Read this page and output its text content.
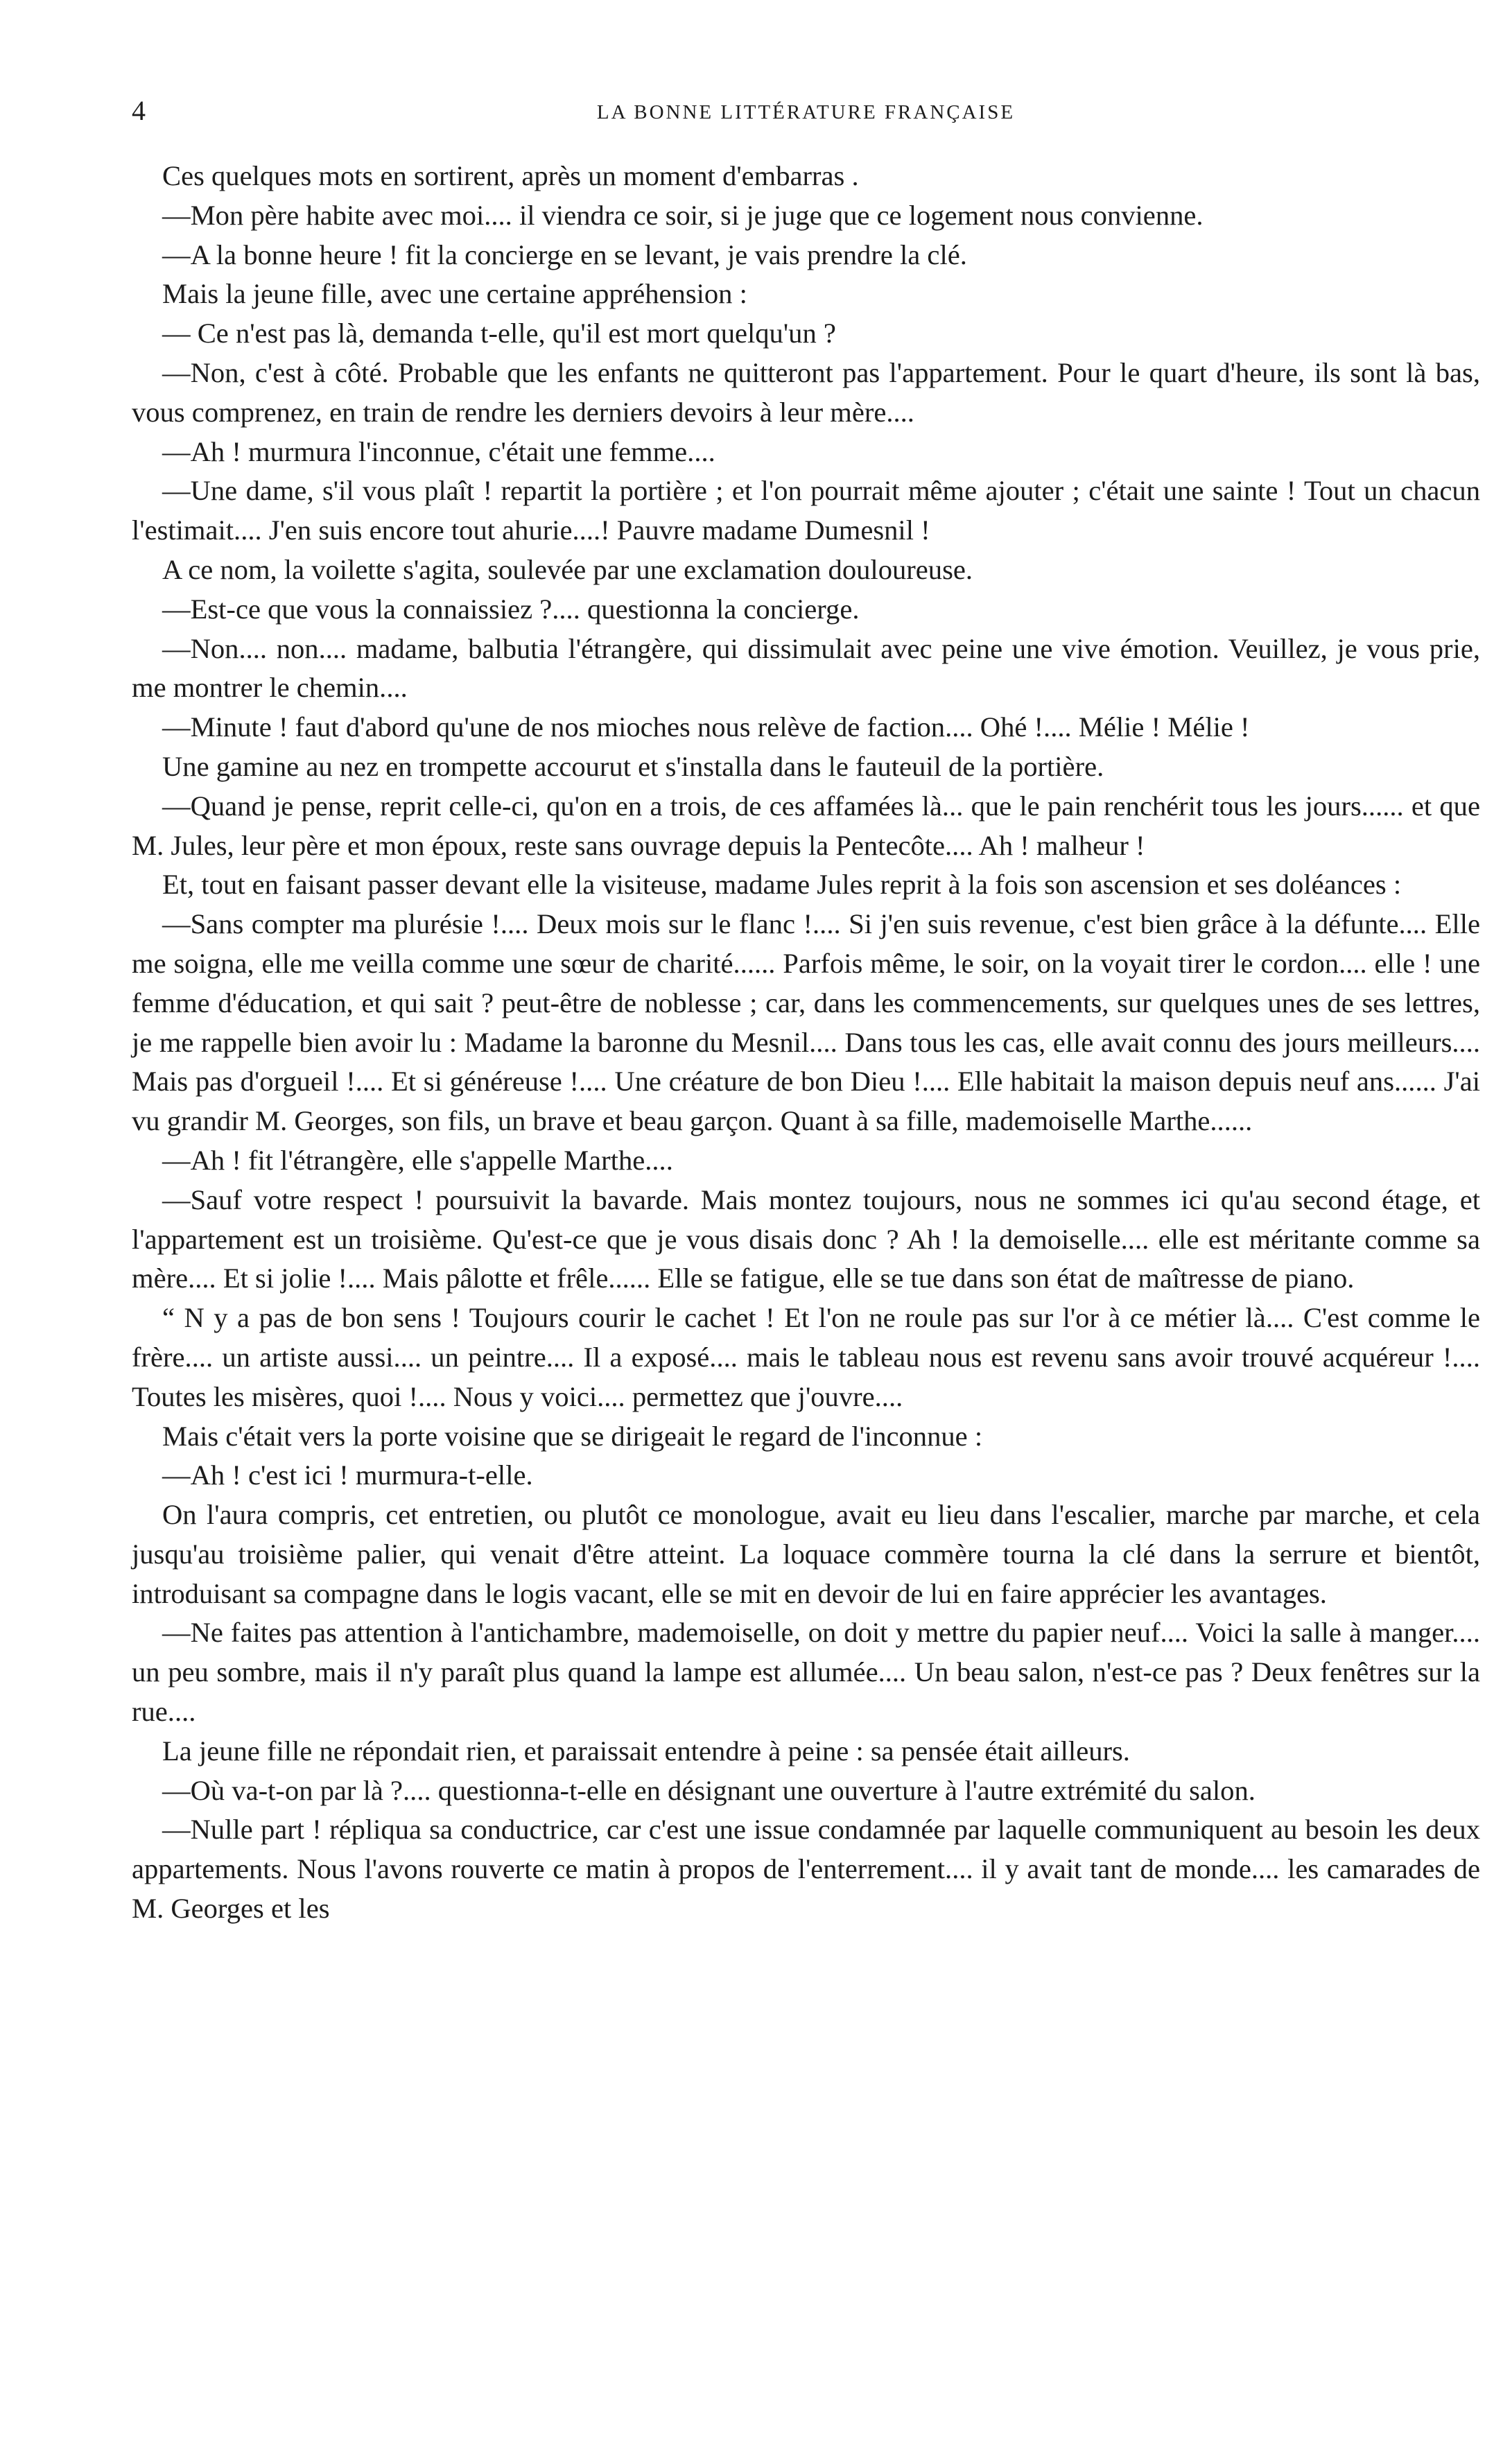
4	LA BONNE LITTÉRATURE FRANÇAISE

Ces quelques mots en sortirent, après un moment d'embarras .

—Mon père habite avec moi.... il viendra ce soir, si je juge que ce logement nous convienne.

—A la bonne heure ! fit la concierge en se levant, je vais prendre la clé.

Mais la jeune fille, avec une certaine appréhension :

— Ce n'est pas là, demanda t-elle, qu'il est mort quelqu'un ?

—Non, c'est à côté. Probable que les enfants ne quitteront pas l'appartement. Pour le quart d'heure, ils sont là bas, vous comprenez, en train de rendre les derniers devoirs à leur mère....

—Ah ! murmura l'inconnue, c'était une femme....

—Une dame, s'il vous plaît ! repartit la portière ; et l'on pourrait même ajouter ; c'était une sainte ! Tout un chacun l'estimait.... J'en suis encore tout ahurie....! Pauvre madame Dumesnil !

A ce nom, la voilette s'agita, soulevée par une exclamation douloureuse.

—Est-ce que vous la connaissiez ?.... questionna la concierge.

—Non.... non.... madame, balbutia l'étrangère, qui dissimulait avec peine une vive émotion. Veuillez, je vous prie, me montrer le chemin....

—Minute ! faut d'abord qu'une de nos mioches nous relève de faction.... Ohé !.... Mélie ! Mélie !

Une gamine au nez en trompette accourut et s'installa dans le fauteuil de la portière.

—Quand je pense, reprit celle-ci, qu'on en a trois, de ces affamées là... que le pain renchérit tous les jours...... et que M. Jules, leur père et mon époux, reste sans ouvrage depuis la Pentecôte.... Ah ! malheur !

Et, tout en faisant passer devant elle la visiteuse, madame Jules reprit à la fois son ascension et ses doléances :

—Sans compter ma plurésie !.... Deux mois sur le flanc !.... Si j'en suis revenue, c'est bien grâce à la défunte.... Elle me soigna, elle me veilla comme une sœur de charité...... Parfois même, le soir, on la voyait tirer le cordon.... elle ! une femme d'éducation, et qui sait ? peut-être de noblesse ; car, dans les commencements, sur quelques unes de ses lettres, je me rappelle bien avoir lu : Madame la baronne du Mesnil.... Dans tous les cas, elle avait connu des jours meilleurs.... Mais pas d'orgueil !.... Et si généreuse !.... Une créature de bon Dieu !.... Elle habitait la maison depuis neuf ans...... J'ai vu grandir M. Georges, son fils, un brave et beau garçon. Quant à sa fille, mademoiselle Marthe......

—Ah ! fit l'étrangère, elle s'appelle Marthe....

—Sauf votre respect ! poursuivit la bavarde. Mais montez toujours, nous ne sommes ici qu'au second étage, et l'appartement est un troisième. Qu'est-ce que je vous disais donc ? Ah ! la demoiselle.... elle est méritante comme sa mère.... Et si jolie !.... Mais pâlotte et frêle...... Elle se fatigue, elle se tue dans son état de maîtresse de piano.

“ N y a pas de bon sens ! Toujours courir le cachet ! Et l'on ne roule pas sur l'or à ce métier là.... C'est comme le frère.... un artiste aussi.... un peintre.... Il a exposé.... mais le tableau nous est revenu sans avoir trouvé acquéreur !.... Toutes les misères, quoi !.... Nous y voici.... permettez que j'ouvre....

Mais c'était vers la porte voisine que se dirigeait le regard de l'inconnue :

—Ah ! c'est ici ! murmura-t-elle.

On l'aura compris, cet entretien, ou plutôt ce monologue, avait eu lieu dans l'escalier, marche par marche, et cela jusqu'au troisième palier, qui venait d'être atteint. La loquace commère tourna la clé dans la serrure et bientôt, introduisant sa compagne dans le logis vacant, elle se mit en devoir de lui en faire apprécier les avantages.

—Ne faites pas attention à l'antichambre, mademoiselle, on doit y mettre du papier neuf.... Voici la salle à manger.... un peu sombre, mais il n'y paraît plus quand la lampe est allumée.... Un beau salon, n'est-ce pas ? Deux fenêtres sur la rue....

La jeune fille ne répondait rien, et paraissait entendre à peine : sa pensée était ailleurs.

—Où va-t-on par là ?.... questionna-t-elle en désignant une ouverture à l'autre extrémité du salon.

—Nulle part ! répliqua sa conductrice, car c'est une issue condamnée par laquelle communiquent au besoin les deux appartements. Nous l'avons rouverte ce matin à propos de l'enterrement.... il y avait tant de monde.... les camarades de M. Georges et les
